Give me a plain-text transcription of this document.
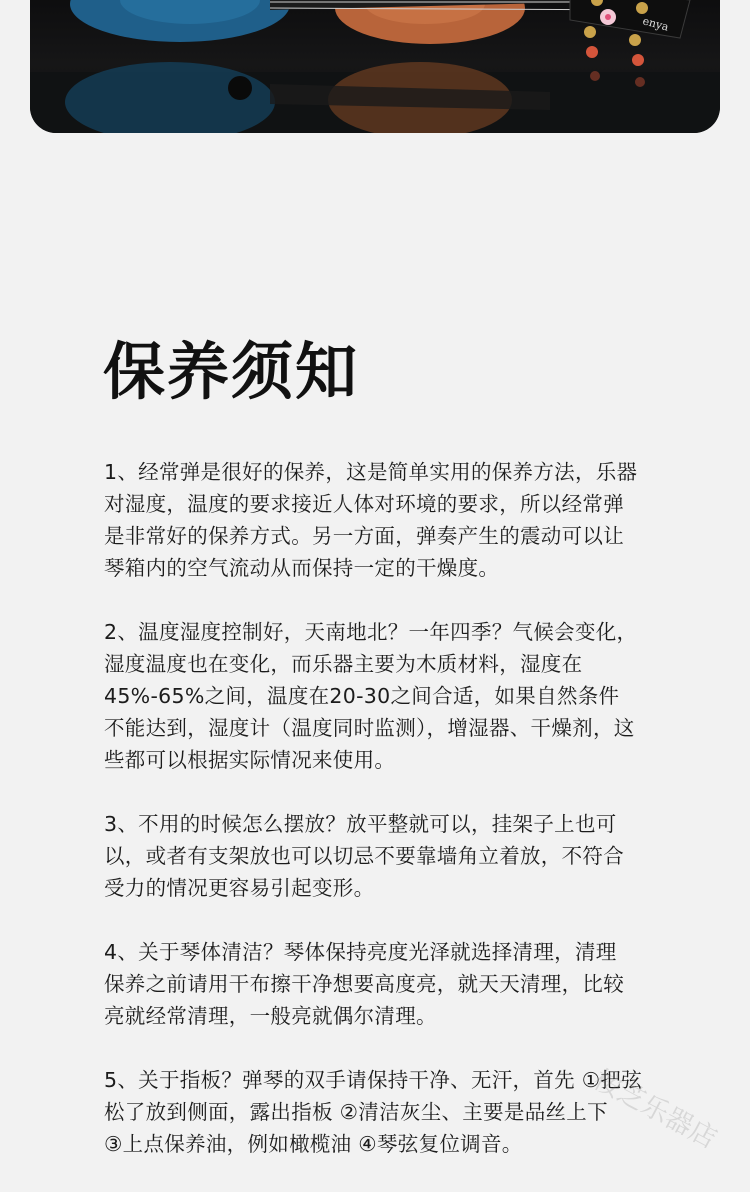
enya
保养须知
1、经常弹是很好的保养，这是简单实用的保养方法，乐器
对湿度，温度的要求接近人体对环境的要求，所以经常弹
是非常好的保养方式。另一方面，弹奏产生的震动可以让
琴箱内的空气流动从而保持一定的干燥度。
2、温度湿度控制好，天南地北？一年四季？气候会变化，
湿度温度也在变化，而乐器主要为木质材料，湿度在
45%-65%之间，温度在20-30之间合适，如果自然条件
不能达到，湿度计（温度同时监测），增湿器、干燥剂，这
些都可以根据实际情况来使用。
3、不用的时候怎么摆放？放平整就可以，挂架子上也可
以，或者有支架放也可以切忌不要靠墙角立着放，不符合
受力的情况更容易引起变形。
4、关于琴体清洁？琴体保持亮度光泽就选择清理，清理
保养之前请用干布擦干净想要高度亮，就天天清理，比较
亮就经常清理，一般亮就偶尔清理。
5、关于指板？弹琴的双手请保持干净、无汗，首先 ①把弦
松了放到侧面，露出指板 ②清洁灰尘、主要是品丝上下
③上点保养油，例如橄榄油 ④琴弦复位调音。	桉芝乐器店
